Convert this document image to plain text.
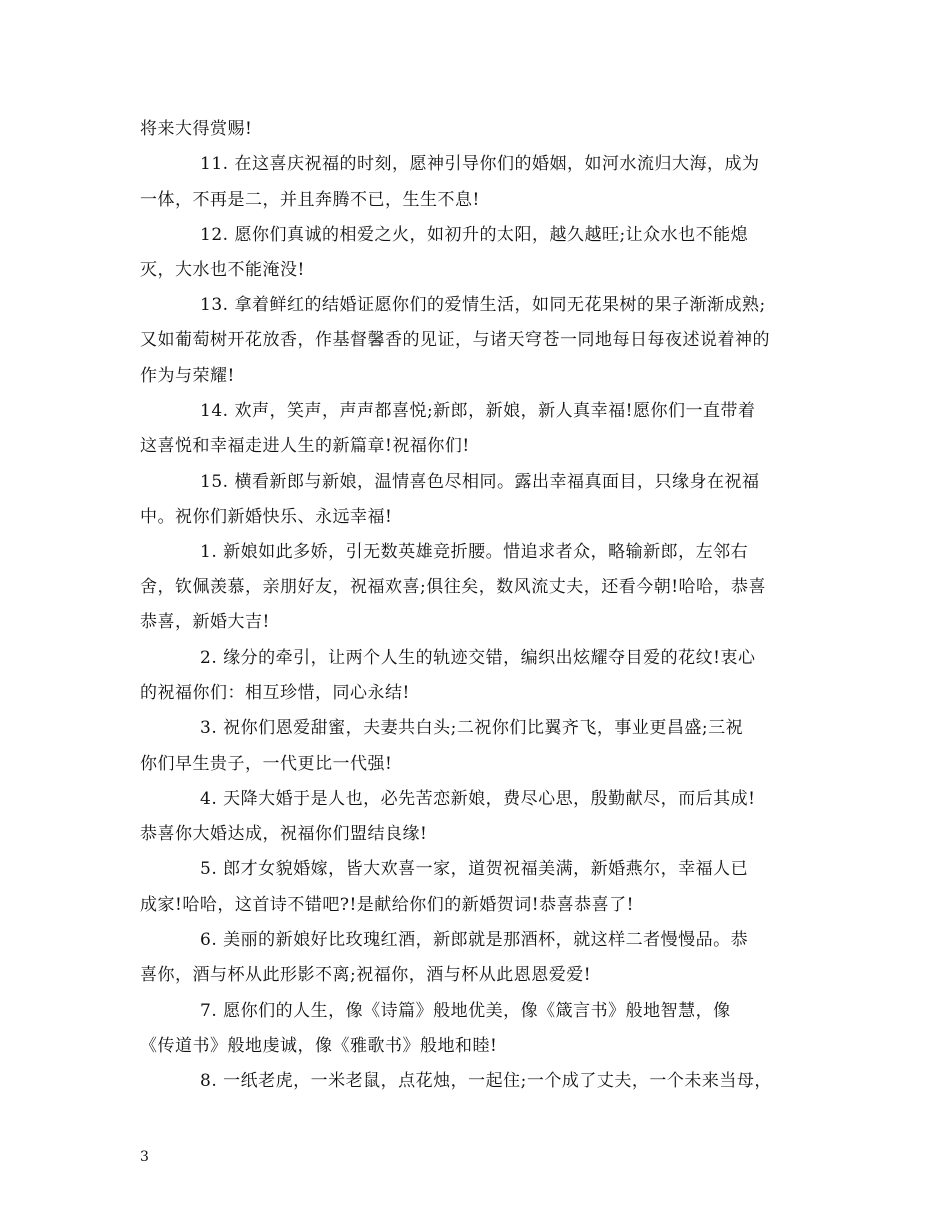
将来大得赏赐!
11. 在这喜庆祝福的时刻，愿神引导你们的婚姻，如河水流归大海，成为
一体，不再是二，并且奔腾不已，生生不息!
12. 愿你们真诚的相爱之火，如初升的太阳，越久越旺;让众水也不能熄
灭，大水也不能淹没!
13. 拿着鲜红的结婚证愿你们的爱情生活，如同无花果树的果子渐渐成熟;
又如葡萄树开花放香，作基督馨香的见证，与诸天穹苍一同地每日每夜述说着神的
作为与荣耀!
14. 欢声，笑声，声声都喜悦;新郎，新娘，新人真幸福!愿你们一直带着
这喜悦和幸福走进人生的新篇章!祝福你们!
15. 横看新郎与新娘，温情喜色尽相同。露出幸福真面目，只缘身在祝福
中。祝你们新婚快乐、永远幸福!
1. 新娘如此多娇，引无数英雄竞折腰。惜追求者众，略输新郎，左邻右
舍，钦佩羡慕，亲朋好友，祝福欢喜;俱往矣，数风流丈夫，还看今朝!哈哈，恭喜
恭喜，新婚大吉!
2. 缘分的牵引，让两个人生的轨迹交错，编织出炫耀夺目爱的花纹!衷心
的祝福你们：相互珍惜，同心永结!
3. 祝你们恩爱甜蜜，夫妻共白头;二祝你们比翼齐飞，事业更昌盛;三祝
你们早生贵子，一代更比一代强!
4. 天降大婚于是人也，必先苦恋新娘，费尽心思，殷勤献尽，而后其成!
恭喜你大婚达成，祝福你们盟结良缘!
5. 郎才女貌婚嫁，皆大欢喜一家，道贺祝福美满，新婚燕尔，幸福人已
成家!哈哈，这首诗不错吧?!是献给你们的新婚贺词!恭喜恭喜了!
6. 美丽的新娘好比玫瑰红酒，新郎就是那酒杯，就这样二者慢慢品。恭
喜你，酒与杯从此形影不离;祝福你，酒与杯从此恩恩爱爱!
7. 愿你们的人生，像《诗篇》般地优美，像《箴言书》般地智慧，像
《传道书》般地虔诚，像《雅歌书》般地和睦!
8. 一纸老虎，一米老鼠，点花烛，一起住;一个成了丈夫，一个未来当母，
3
